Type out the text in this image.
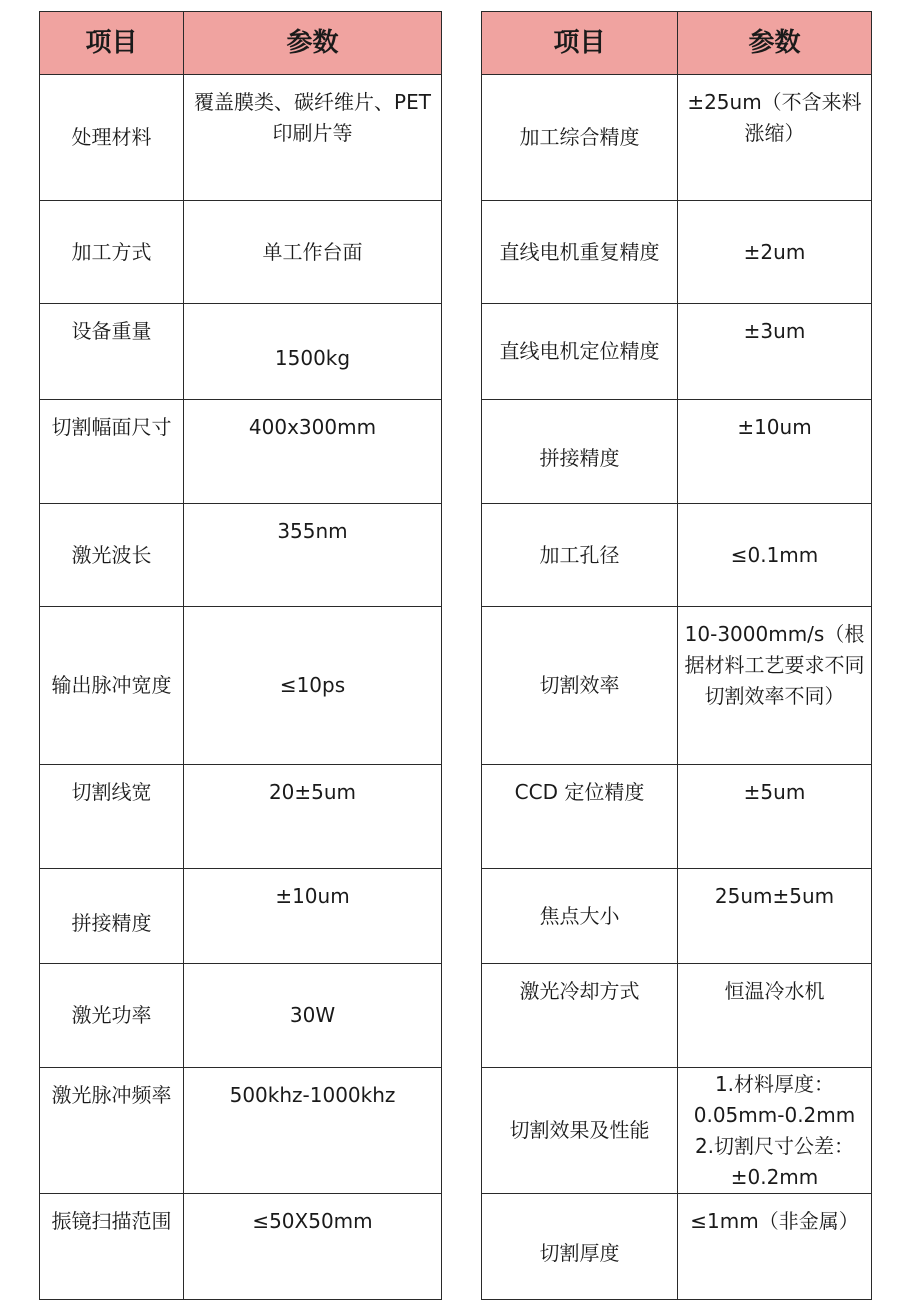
项目	参数
处理材料	覆盖膜类、碳纤维片、PET 印刷片等
加工方式	单工作台面
设备重量	1500kg
切割幅面尺寸	400x300mm
激光波长	355nm
输出脉冲宽度	≤10ps
切割线宽	20±5um
拼接精度	±10um
激光功率	30W
激光脉冲频率	500khz-1000khz
振镜扫描范围	≤50X50mm
项目	参数
加工综合精度	±25um（不含来料涨缩）
直线电机重复精度	±2um
直线电机定位精度	±3um
拼接精度	±10um
加工孔径	≤0.1mm
切割效率	10-3000mm/s（根据材料工艺要求不同切割效率不同）
CCD 定位精度	±5um
焦点大小	25um±5um
激光冷却方式	恒温冷水机
切割效果及性能	1.材料厚度：
0.05mm-0.2mm
2.切割尺寸公差：
±0.2mm

切割厚度	≤1mm（非金属）
